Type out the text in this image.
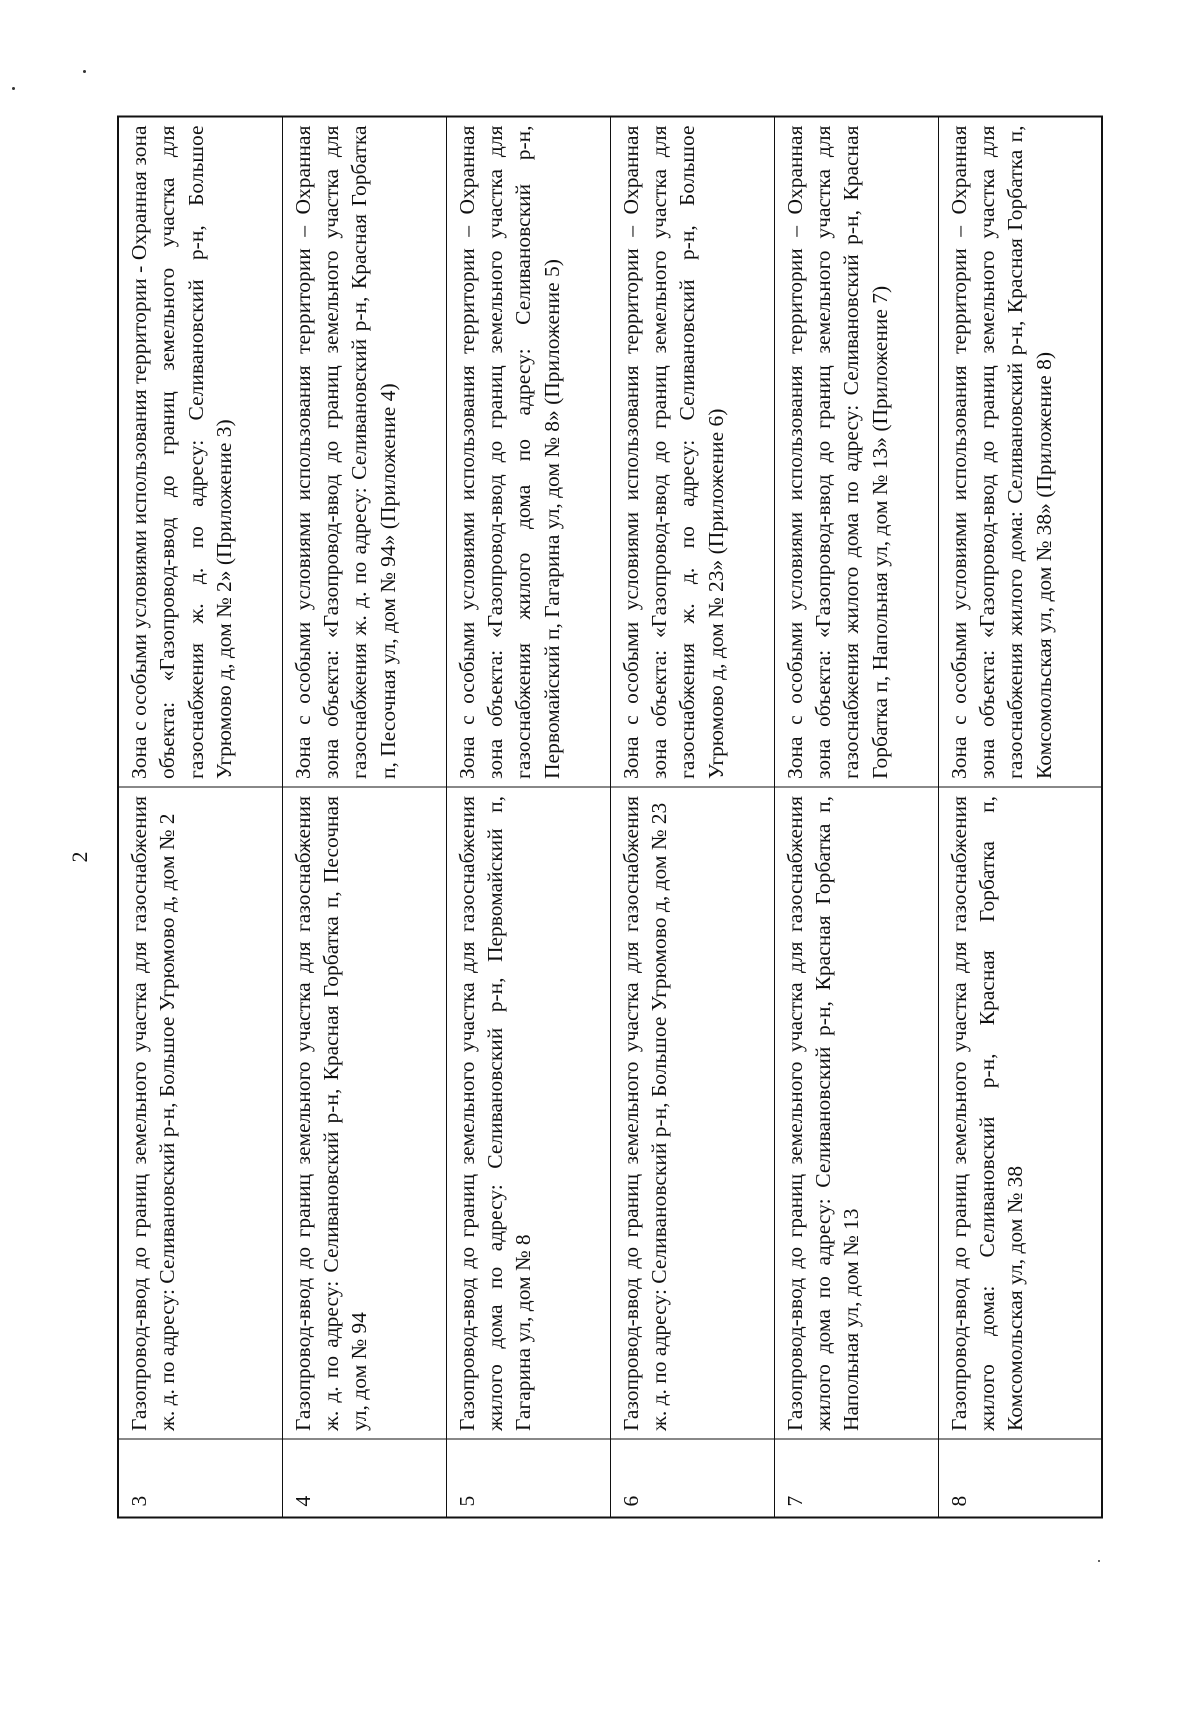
2
3	Газопровод-ввод до границ земельного участка для газоснабжения ж. д. по адресу: Селивановский р-н, Большое Угрюмово д, дом № 2	Зона с особыми условиями использования территории - Охранная зона объекта: «Газопровод-ввод до границ земельного участка для газоснабжения ж. д. по адресу: Селивановский р-н, Большое Угрюмово д, дом № 2» (Приложение 3)
4	Газопровод-ввод до границ земельного участка для газоснабжения ж. д. по адресу: Селивановский р-н, Красная Горбатка п, Песочная ул, дом № 94	Зона с особыми условиями использования территории – Охранная зона объекта: «Газопровод-ввод до границ земельного участка для газоснабжения ж. д. по адресу: Селивановский р-н, Красная Горбатка п, Песочная ул, дом № 94» (Приложение 4)
5	Газопровод-ввод до границ земельного участка для газоснабжения жилого дома по адресу: Селивановский р-н, Первомайский п, Гагарина ул, дом № 8	Зона с особыми условиями использования территории – Охранная зона объекта: «Газопровод-ввод до границ земельного участка для газоснабжения жилого дома по адресу: Селивановский р-н, Первомайский п, Гагарина ул, дом № 8» (Приложение 5)
6	Газопровод-ввод до границ земельного участка для газоснабжения ж. д. по адресу: Селивановский р-н, Большое Угрюмово д, дом № 23	Зона с особыми условиями использования территории – Охранная зона объекта: «Газопровод-ввод до границ земельного участка для газоснабжения ж. д. по адресу: Селивановский р-н, Большое Угрюмово д, дом № 23» (Приложение 6)
7	Газопровод-ввод до границ земельного участка для газоснабжения жилого дома по адресу: Селивановский р-н, Красная Горбатка п, Напольная ул, дом № 13	Зона с особыми условиями использования территории – Охранная зона объекта: «Газопровод-ввод до границ земельного участка для газоснабжения жилого дома по адресу: Селивановский р-н, Красная Горбатка п, Напольная ул, дом № 13» (Приложение 7)
8	Газопровод-ввод до границ земельного участка для газоснабжения жилого дома: Селивановский р-н, Красная Горбатка п, Комсомольская ул, дом № 38	Зона с особыми условиями использования территории – Охранная зона объекта: «Газопровод-ввод до границ земельного участка для газоснабжения жилого дома: Селивановский р-н, Красная Горбатка п, Комсомольская ул, дом № 38» (Приложение 8)
